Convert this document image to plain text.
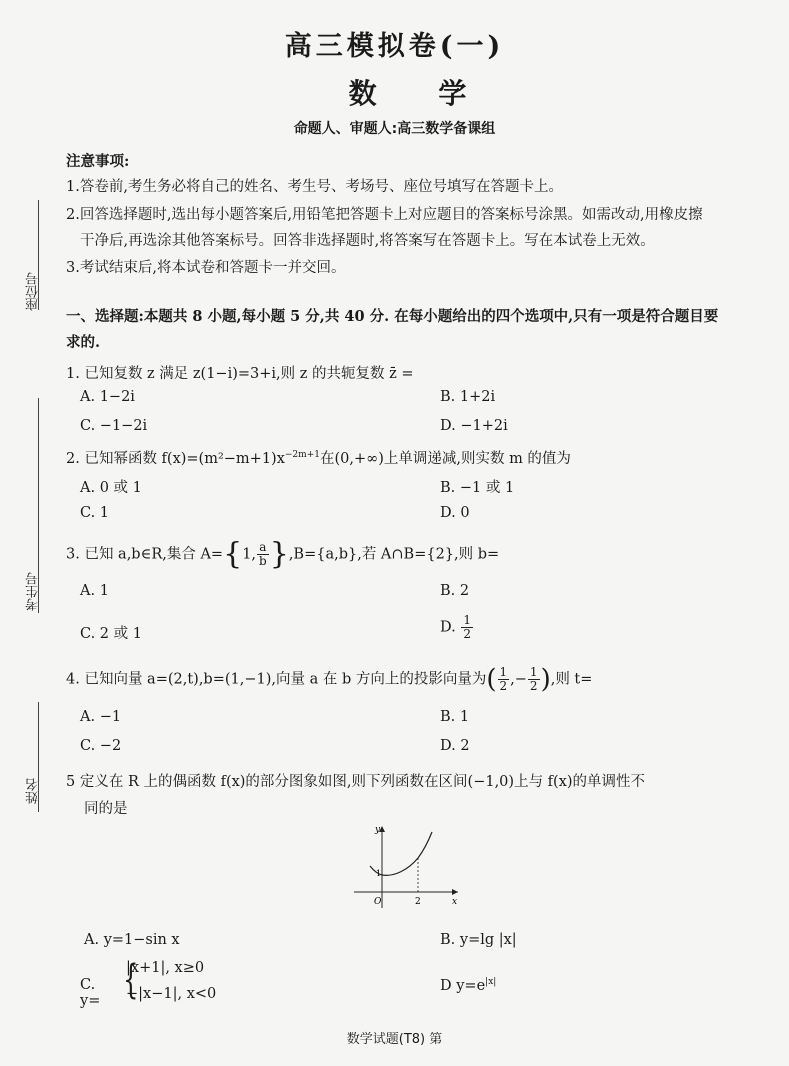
高三模拟卷(一)
数 学
命题人、审题人:高三数学备课组
座位号
考生号
姓名
注意事项:
1.答卷前,考生务必将自己的姓名、考生号、考场号、座位号填写在答题卡上。
2.回答选择题时,选出每小题答案后,用铅笔把答题卡上对应题目的答案标号涂黑。如需改动,用橡皮擦
干净后,再选涂其他答案标号。回答非选择题时,将答案写在答题卡上。写在本试卷上无效。
3.考试结束后,将本试卷和答题卡一并交回。
一、选择题:本题共 8 小题,每小题 5 分,共 40 分. 在每小题给出的四个选项中,只有一项是符合题目要
求的.
1. 已知复数 z 满足 z(1−i)=3+i,则 z 的共轭复数 z̄ =
A. 1−2i	B. 1+2i
C. −1−2i	D. −1+2i
2. 已知幂函数 $f(x)=(m^2-m+1)x^{-2m+1}$在(0,+∞)上单调递减,则实数 m 的值为
A. 0 或 1	B. −1 或 1
C. 1	D. 0
3. 已知 a,b∈R,集合 A={1, $\frac{a}{b} \},B=\{a,b\}$,若 A∩B={2},则 b=
A. 1	B. 2
C. 2 或 1	D. $\frac{1}{2}$
4. 已知向量 a=(2,t),b=(1,−1),向量 a 在 b 方向上的投影向量为( $\frac{1}{2}$ ,− $\frac{1}{2}$ ),则 t=
A. −1	B. 1
C. −2	D. 2
5 定义在 R 上的偶函数 f(x)的部分图象如图,则下列函数在区间(−1,0)上与 f(x)的单调性不
同的是
y
x
O	2
1
A. y=1−sin x	B. y=lg |x|
C. y= {
|x+1|, x≥0
−|x−1|, x<0
D $y=e^{|x|}$
数学试题(T8) 第
